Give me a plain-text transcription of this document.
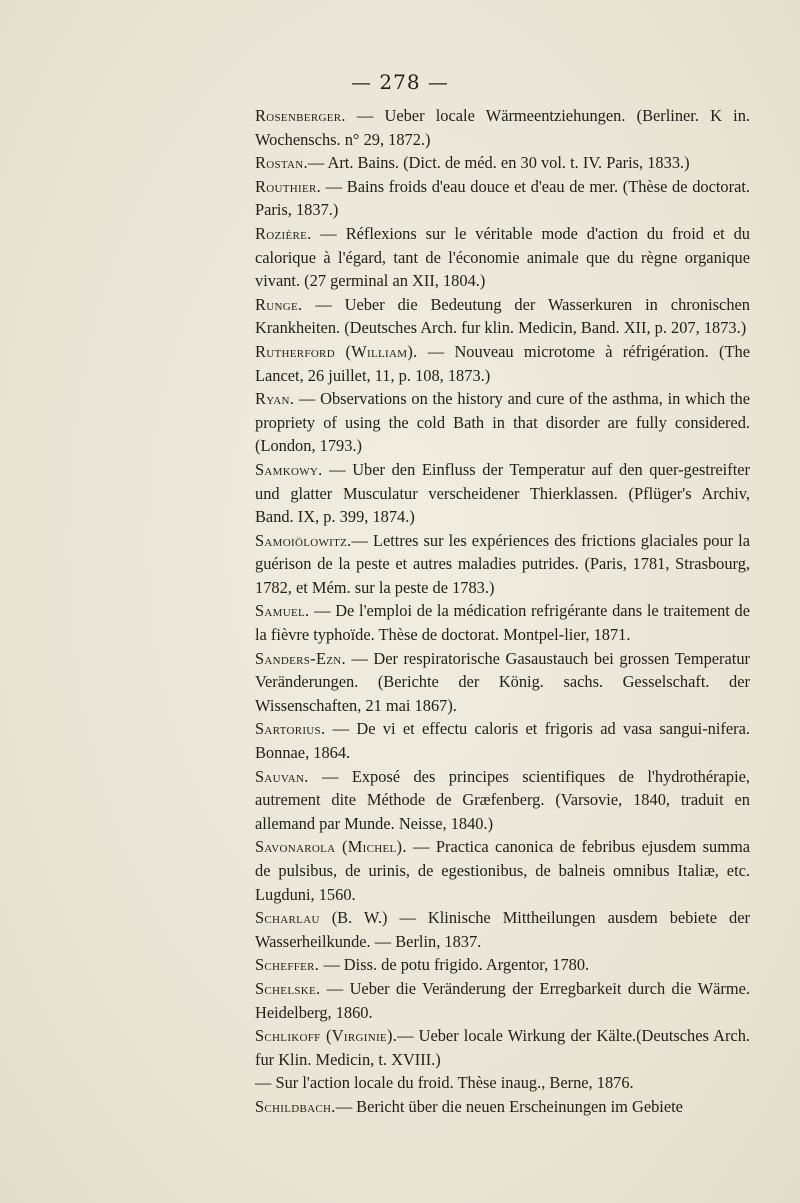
— 278 —

Rosenberger. — Ueber locale Wärmeentziehungen. (Berliner. K in. Wochenschs. n° 29, 1872.)

Rostan.— Art. Bains. (Dict. de méd. en 30 vol. t. IV. Paris, 1833.)

Routhier. — Bains froids d'eau douce et d'eau de mer. (Thèse de doctorat. Paris, 1837.)

Rozière. — Réflexions sur le véritable mode d'action du froid et du calorique à l'égard, tant de l'économie animale que du règne organique vivant. (27 germinal an XII, 1804.)

Runge. — Ueber die Bedeutung der Wasserkuren in chronischen Krankheiten. (Deutsches Arch. fur klin. Medicin, Band. XII, p. 207, 1873.)

Rutherford (William). — Nouveau microtome à réfrigération. (The Lancet, 26 juillet, 11, p. 108, 1873.)

Ryan. — Observations on the history and cure of the asthma, in which the propriety of using the cold Bath in that disorder are fully considered. (London, 1793.)

Samkowy. — Uber den Einfluss der Temperatur auf den quer-gestreifter und glatter Musculatur verscheidener Thierklassen. (Pflüger's Archiv, Band. IX, p. 399, 1874.)

Samoiölowitz.— Lettres sur les expériences des frictions glaciales pour la guérison de la peste et autres maladies putrides. (Paris, 1781, Strasbourg, 1782, et Mém. sur la peste de 1783.)

Samuel. — De l'emploi de la médication refrigérante dans le traitement de la fièvre typhoïde. Thèse de doctorat. Montpel-lier, 1871.

Sanders-Ezn. — Der respiratorische Gasaustauch bei grossen Temperatur Veränderungen. (Berichte der König. sachs. Gesselschaft. der Wissenschaften, 21 mai 1867).

Sartorius. — De vi et effectu caloris et frigoris ad vasa sangui-nifera. Bonnae, 1864.

Sauvan. — Exposé des principes scientifiques de l'hydrothérapie, autrement dite Méthode de Græfenberg. (Varsovie, 1840, traduit en allemand par Munde. Neisse, 1840.)

Savonarola (Michel). — Practica canonica de febribus ejusdem summa de pulsibus, de urinis, de egestionibus, de balneis omnibus Italiæ, etc. Lugduni, 1560.

Scharlau (B. W.) — Klinische Mittheilungen ausdem bebiete der Wasserheilkunde. — Berlin, 1837.

Scheffer. — Diss. de potu frigido. Argentor, 1780.

Schelske. — Ueber die Veränderung der Erregbarkeit durch die Wärme. Heidelberg, 1860.

Schlikoff (Virginie).— Ueber locale Wirkung der Kälte.(Deutsches Arch. fur Klin. Medicin, t. XVIII.)

— Sur l'action locale du froid. Thèse inaug., Berne, 1876.

Schildbach.— Bericht über die neuen Erscheinungen im Gebiete
